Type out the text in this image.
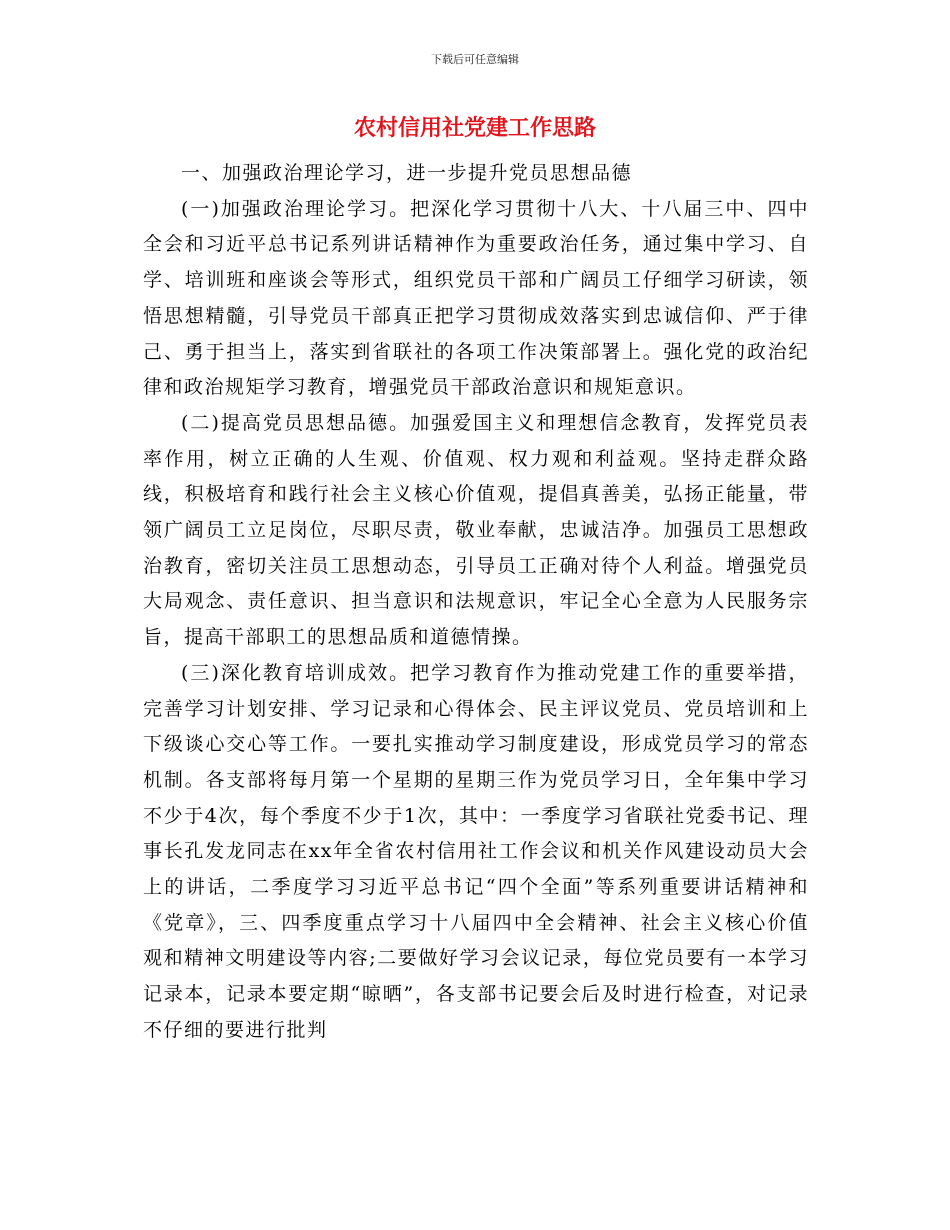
下载后可任意编辑
农村信用社党建工作思路

一、加强政治理论学习，进一步提升党员思想品德

(一)加强政治理论学习。把深化学习贯彻十八大、十八届三中、四中全会和习近平总书记系列讲话精神作为重要政治任务，通过集中学习、自学、培训班和座谈会等形式，组织党员干部和广阔员工仔细学习研读，领悟思想精髓，引导党员干部真正把学习贯彻成效落实到忠诚信仰、严于律己、勇于担当上，落实到省联社的各项工作决策部署上。强化党的政治纪律和政治规矩学习教育，增强党员干部政治意识和规矩意识。

(二)提高党员思想品德。加强爱国主义和理想信念教育，发挥党员表率作用，树立正确的人生观、价值观、权力观和利益观。坚持走群众路线，积极培育和践行社会主义核心价值观，提倡真善美，弘扬正能量，带领广阔员工立足岗位，尽职尽责，敬业奉献，忠诚洁净。加强员工思想政治教育，密切关注员工思想动态，引导员工正确对待个人利益。增强党员大局观念、责任意识、担当意识和法规意识，牢记全心全意为人民服务宗旨，提高干部职工的思想品质和道德情操。

(三)深化教育培训成效。把学习教育作为推动党建工作的重要举措，完善学习计划安排、学习记录和心得体会、民主评议党员、党员培训和上下级谈心交心等工作。一要扎实推动学习制度建设，形成党员学习的常态机制。各支部将每月第一个星期的星期三作为党员学习日，全年集中学习不少于4次，每个季度不少于1次，其中：一季度学习省联社党委书记、理事长孔发龙同志在xx年全省农村信用社工作会议和机关作风建设动员大会上的讲话，二季度学习习近平总书记“四个全面”等系列重要讲话精神和《党章》，三、四季度重点学习十八届四中全会精神、社会主义核心价值观和精神文明建设等内容;二要做好学习会议记录，每位党员要有一本学习记录本，记录本要定期“晾晒”，各支部书记要会后及时进行检查，对记录不仔细的要进行批判
